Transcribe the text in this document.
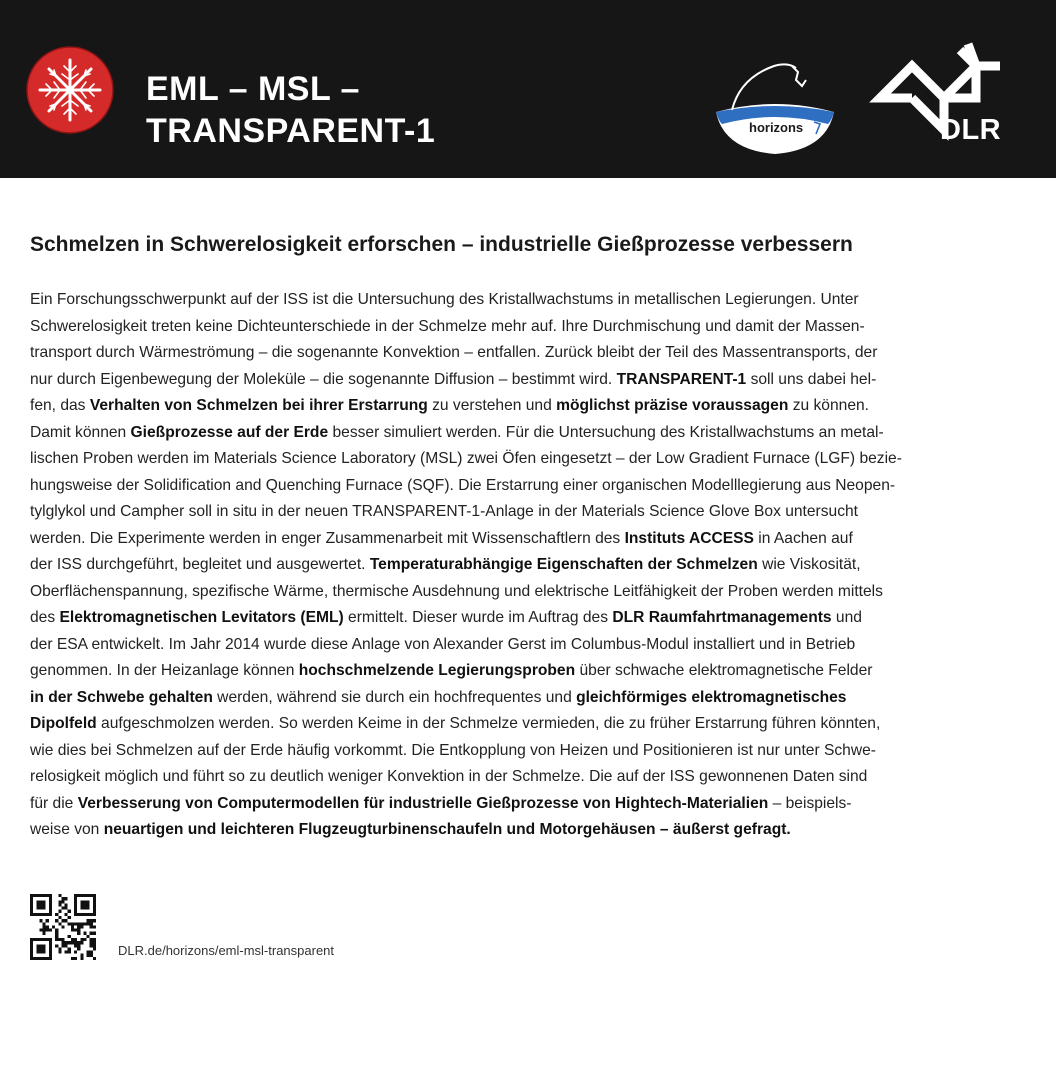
EML – MSL –
TRANSPARENT-1	horizons	DLR
Schmelzen in Schwerelosigkeit erforschen – industrielle Gießprozesse verbessern
Ein Forschungsschwerpunkt auf der ISS ist die Untersuchung des Kristallwachstums in metallischen Legierungen. Unter
Schwerelosigkeit treten keine Dichteunterschiede in der Schmelze mehr auf. Ihre Durchmischung und damit der Massen-
transport durch Wärmeströmung – die sogenannte Konvektion – entfallen. Zurück bleibt der Teil des Massentransports, der
nur durch Eigenbewegung der Moleküle – die sogenannte Diffusion – bestimmt wird. TRANSPARENT-1 soll uns dabei hel-
fen, das Verhalten von Schmelzen bei ihrer Erstarrung zu verstehen und möglichst präzise voraussagen zu können.
Damit können Gießprozesse auf der Erde besser simuliert werden. Für die Untersuchung des Kristallwachstums an metal-
lischen Proben werden im Materials Science Laboratory (MSL) zwei Öfen eingesetzt – der Low Gradient Furnace (LGF) bezie-
hungsweise der Solidification and Quenching Furnace (SQF). Die Erstarrung einer organischen Modelllegierung aus Neopen-
tylglykol und Campher soll in situ in der neuen TRANSPARENT-1-Anlage in der Materials Science Glove Box untersucht
werden. Die Experimente werden in enger Zusammenarbeit mit Wissenschaftlern des Instituts ACCESS in Aachen auf
der ISS durchgeführt, begleitet und ausgewertet. Temperaturabhängige Eigenschaften der Schmelzen wie Viskosität,
Oberflächenspannung, spezifische Wärme, thermische Ausdehnung und elektrische Leitfähigkeit der Proben werden mittels
des Elektromagnetischen Levitators (EML) ermittelt. Dieser wurde im Auftrag des DLR Raumfahrtmanagements und
der ESA entwickelt. Im Jahr 2014 wurde diese Anlage von Alexander Gerst im Columbus-Modul installiert und in Betrieb
genommen. In der Heizanlage können hochschmelzende Legierungsproben über schwache elektromagnetische Felder
in der Schwebe gehalten werden, während sie durch ein hochfrequentes und gleichförmiges elektromagnetisches
Dipolfeld aufgeschmolzen werden. So werden Keime in der Schmelze vermieden, die zu früher Erstarrung führen könnten,
wie dies bei Schmelzen auf der Erde häufig vorkommt. Die Entkopplung von Heizen und Positionieren ist nur unter Schwe-
relosigkeit möglich und führt so zu deutlich weniger Konvektion in der Schmelze. Die auf der ISS gewonnenen Daten sind
für die Verbesserung von Computermodellen für industrielle Gießprozesse von Hightech-Materialien – beispiels-
weise von neuartigen und leichteren Flugzeugturbinenschaufeln und Motorgehäusen – äußerst gefragt.
DLR.de/horizons/eml-msl-transparent
